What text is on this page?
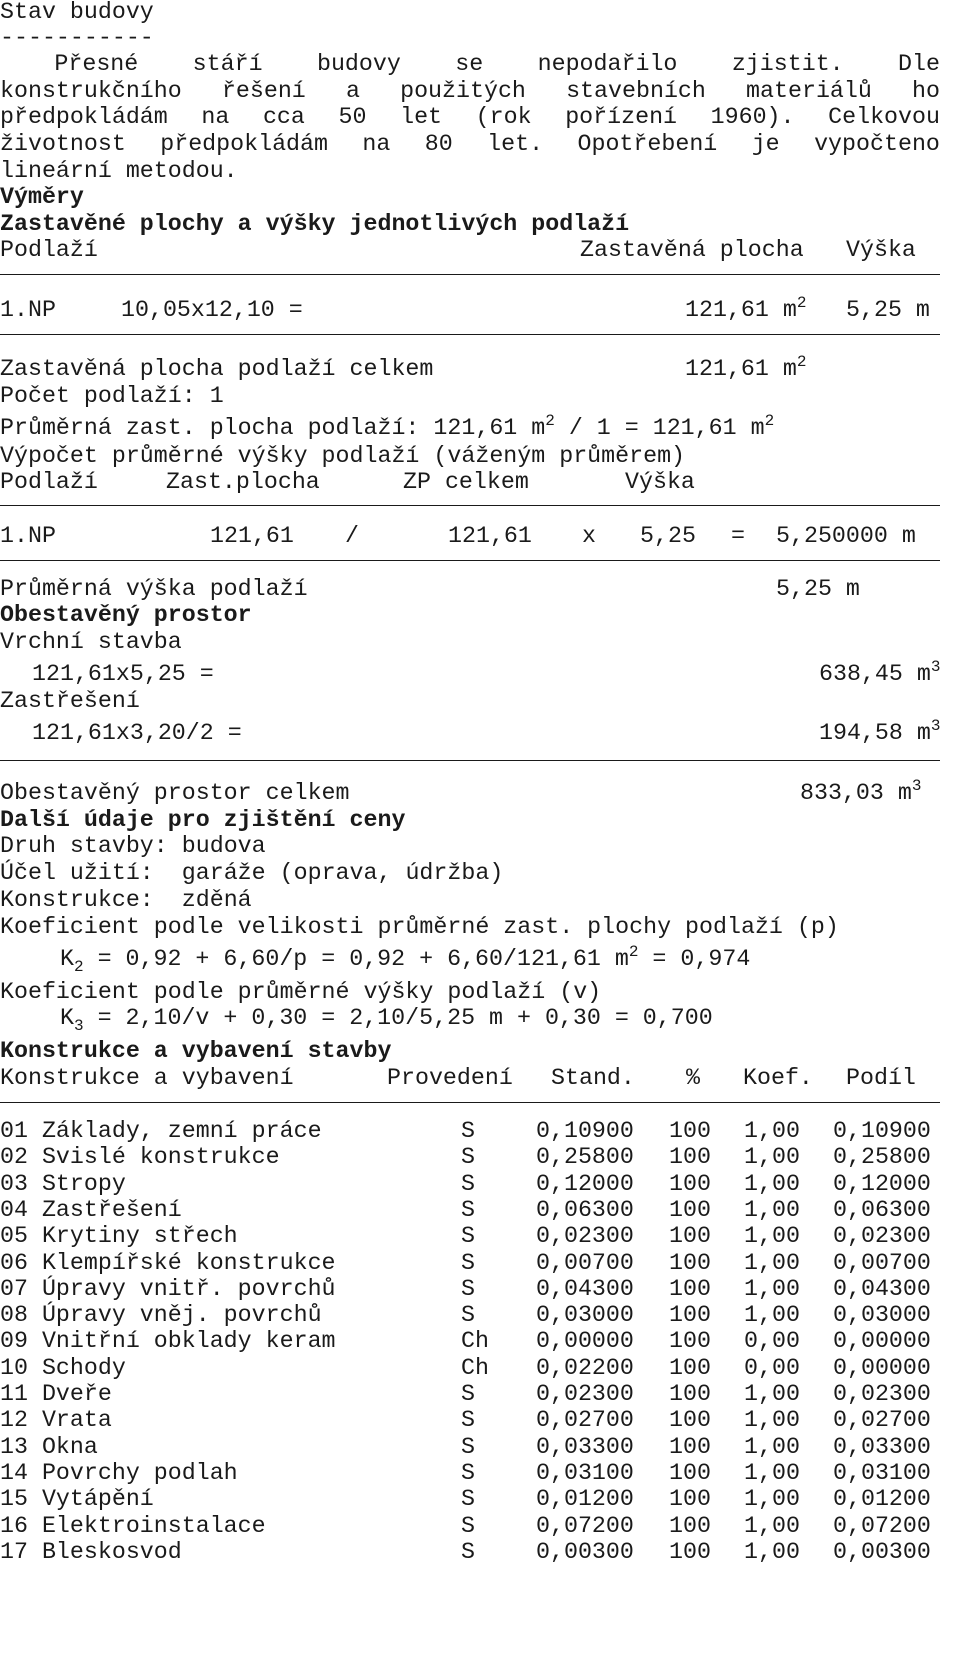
Stav budovy
-----------
Přesné stáří budovy se nepodařilo zjistit. Dle
konstrukčního řešení a použitých stavebních materiálů ho
předpokládám na cca 50 let (rok pořízení 1960). Celkovou
životnost předpokládám na 80 let. Opotřebení je vypočteno
lineární metodou.
Výměry
Zastavěné plochy a výšky jednotlivých podlaží
Podlaží	Zastavěná plocha Výška
1.NP	10,05x12,10 =	121,61 $m^2$ 5,25 m
Zastavěná plocha podlaží celkem	121,61 $m^2$
Počet podlaží: 1
Průměrná zast. plocha podlaží: 121,61 $m^2 / 1 = 121,61$ $m^2$
Výpočet průměrné výšky podlaží (váženým průměrem)
Podlaží	Zast.plocha	ZP celkem	Výška
1.NP	121,61 /	121,61 x 5,25 = 5,250000 m
Průměrná výška podlaží	5,25 m
Obestavěný prostor
Vrchní stavba
121,61x5,25 =	638,45 $m^3$
Zastřešení
121,61x3,20/2 =	194,58 $m^3$
Obestavěný prostor celkem	833,03 $m^3$
Další údaje pro zjištění ceny
Druh stavby: budova
Účel užití: garáže (oprava, údržba)
Konstrukce: zděná
Koeficient podle velikosti průměrné zast. plochy podlaží (p)
$K_2 = 0,92 + 6,60/p = 0,92 + 6,60/121,61$ $m^2 = 0,974$
Koeficient podle průměrné výšky podlaží (v)
$K_3 = 2,10/v + 0,30 = 2,10/5,25$ m + 0,30 = 0,700
Konstrukce a vybavení stavby
Konstrukce a vybavení	Provedení Stand. % Koef. Podíl
01 Základy, zemní práce	S	0,10900 100 1,00 0,10900
02 Svislé konstrukce	S	0,25800 100 1,00 0,25800
03 Stropy	S	0,12000 100 1,00 0,12000
04 Zastřešení	S	0,06300 100 1,00 0,06300
05 Krytiny střech	S	0,02300 100 1,00 0,02300
06 Klempířské konstrukce	S	0,00700 100 1,00 0,00700
07 Úpravy vnitř. povrchů	S	0,04300 100 1,00 0,04300
08 Úpravy vněj. povrchů	S	0,03000 100 1,00 0,03000
09 Vnitřní obklady keram	Ch 0,00000 100 0,00 0,00000
10 Schody	Ch 0,02200 100 0,00 0,00000
11 Dveře	S	0,02300 100 1,00 0,02300
12 Vrata	S	0,02700 100 1,00 0,02700
13 Okna	S	0,03300 100 1,00 0,03300
14 Povrchy podlah	S	0,03100 100 1,00 0,03100
15 Vytápění	S	0,01200 100 1,00 0,01200
16 Elektroinstalace	S	0,07200 100 1,00 0,07200
17 Bleskosvod	S	0,00300 100 1,00 0,00300
